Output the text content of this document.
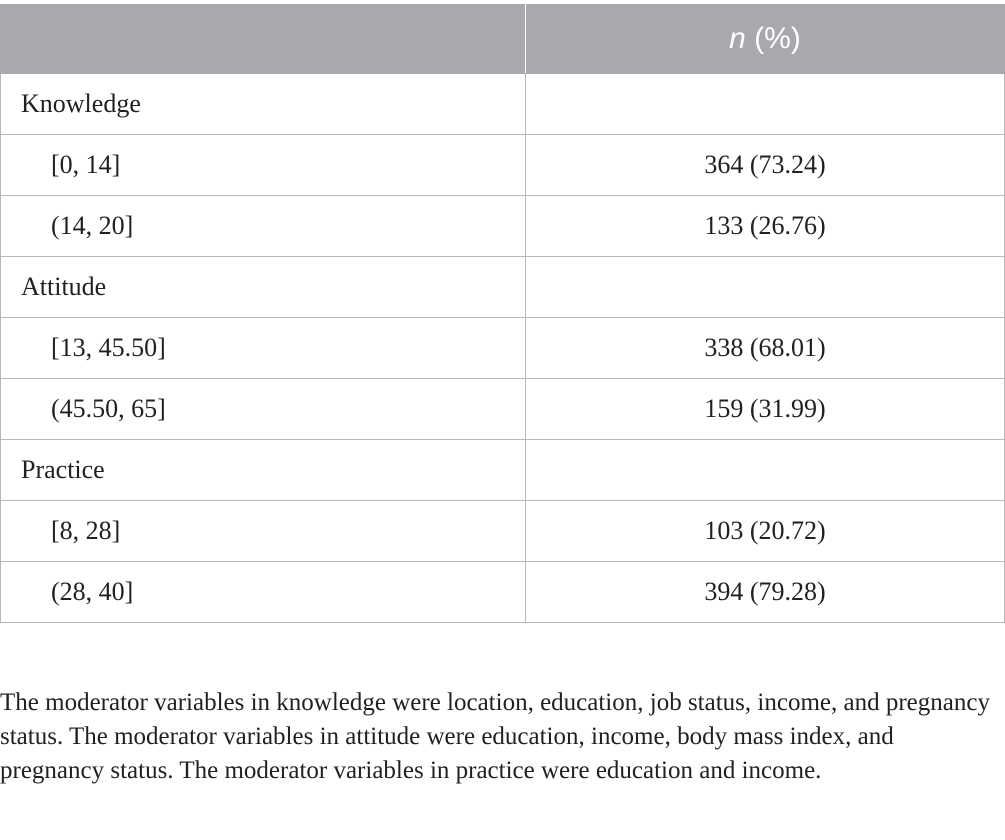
	n (%)
Knowledge	
[0, 14]	364 (73.24)
(14, 20]	133 (26.76)
Attitude	
[13, 45.50]	338 (68.01)
(45.50, 65]	159 (31.99)
Practice	
[8, 28]	103 (20.72)
(28, 40]	394 (79.28)

The moderator variables in knowledge were location, education, job status, income, and pregnancy status. The moderator variables in attitude were education, income, body mass index, and pregnancy status. The moderator variables in practice were education and income.
